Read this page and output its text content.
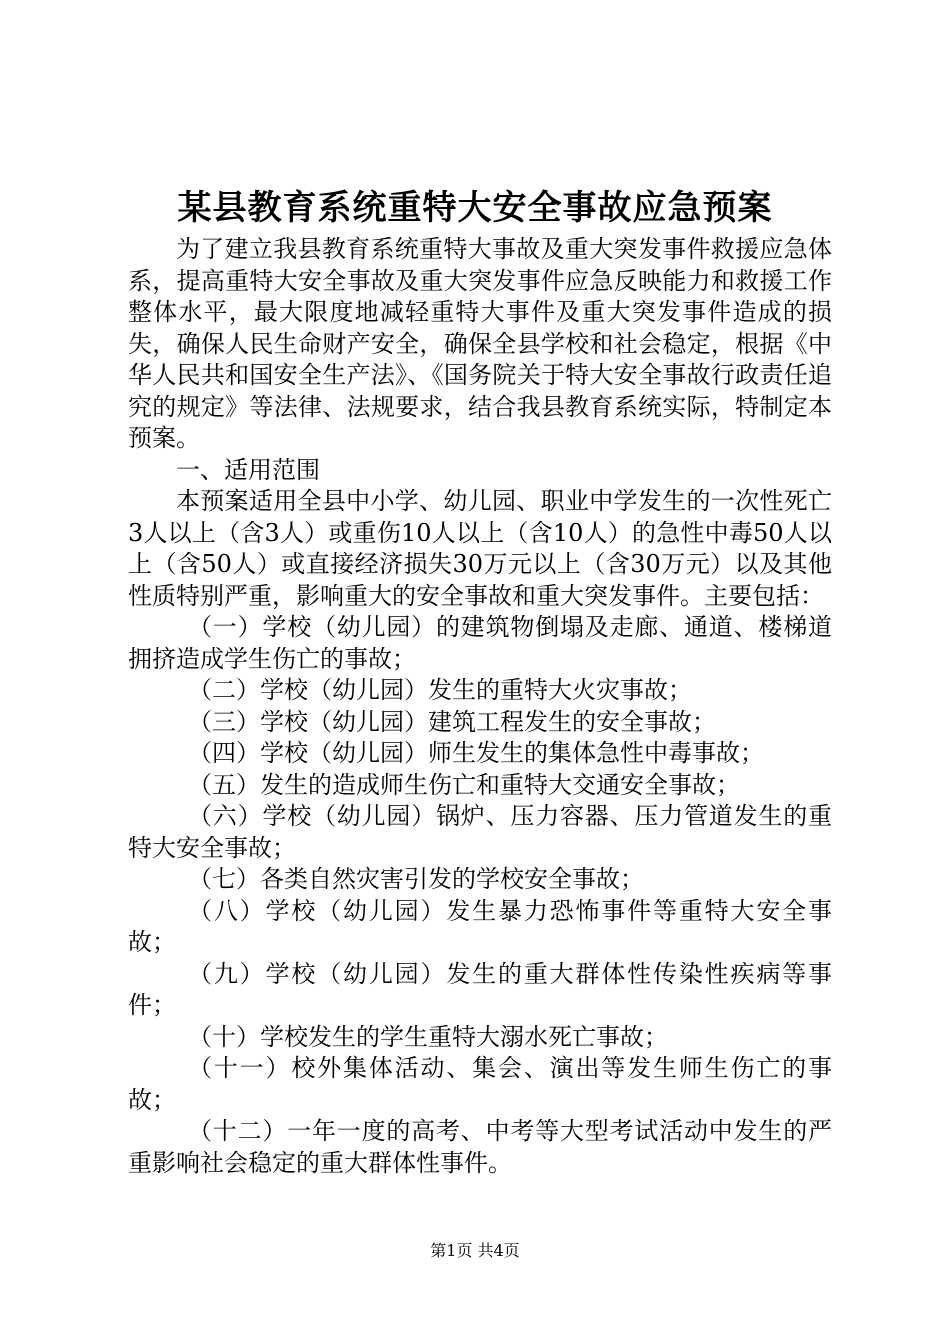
某县教育系统重特大安全事故应急预案

为了建立我县教育系统重特大事故及重大突发事件救援应急体系，提高重特大安全事故及重大突发事件应急反映能力和救援工作整体水平，最大限度地减轻重特大事件及重大突发事件造成的损失，确保人民生命财产安全，确保全县学校和社会稳定，根据《中华人民共和国安全生产法》、《国务院关于特大安全事故行政责任追究的规定》等法律、法规要求，结合我县教育系统实际，特制定本预案。

一、适用范围

本预案适用全县中小学、幼儿园、职业中学发生的一次性死亡3人以上（含3人）或重伤10人以上（含10人）的急性中毒50人以上（含50人）或直接经济损失30万元以上（含30万元）以及其他性质特别严重，影响重大的安全事故和重大突发事件。主要包括：

（一）学校（幼儿园）的建筑物倒塌及走廊、通道、楼梯道拥挤造成学生伤亡的事故；

（二）学校（幼儿园）发生的重特大火灾事故；

（三）学校（幼儿园）建筑工程发生的安全事故；

（四）学校（幼儿园）师生发生的集体急性中毒事故；

（五）发生的造成师生伤亡和重特大交通安全事故；

（六）学校（幼儿园）锅炉、压力容器、压力管道发生的重特大安全事故；

（七）各类自然灾害引发的学校安全事故；

（八）学校（幼儿园）发生暴力恐怖事件等重特大安全事故；

（九）学校（幼儿园）发生的重大群体性传染性疾病等事件；

（十）学校发生的学生重特大溺水死亡事故；

（十一）校外集体活动、集会、演出等发生师生伤亡的事故；

（十二）一年一度的高考、中考等大型考试活动中发生的严重影响社会稳定的重大群体性事件。

第1页 共4页
